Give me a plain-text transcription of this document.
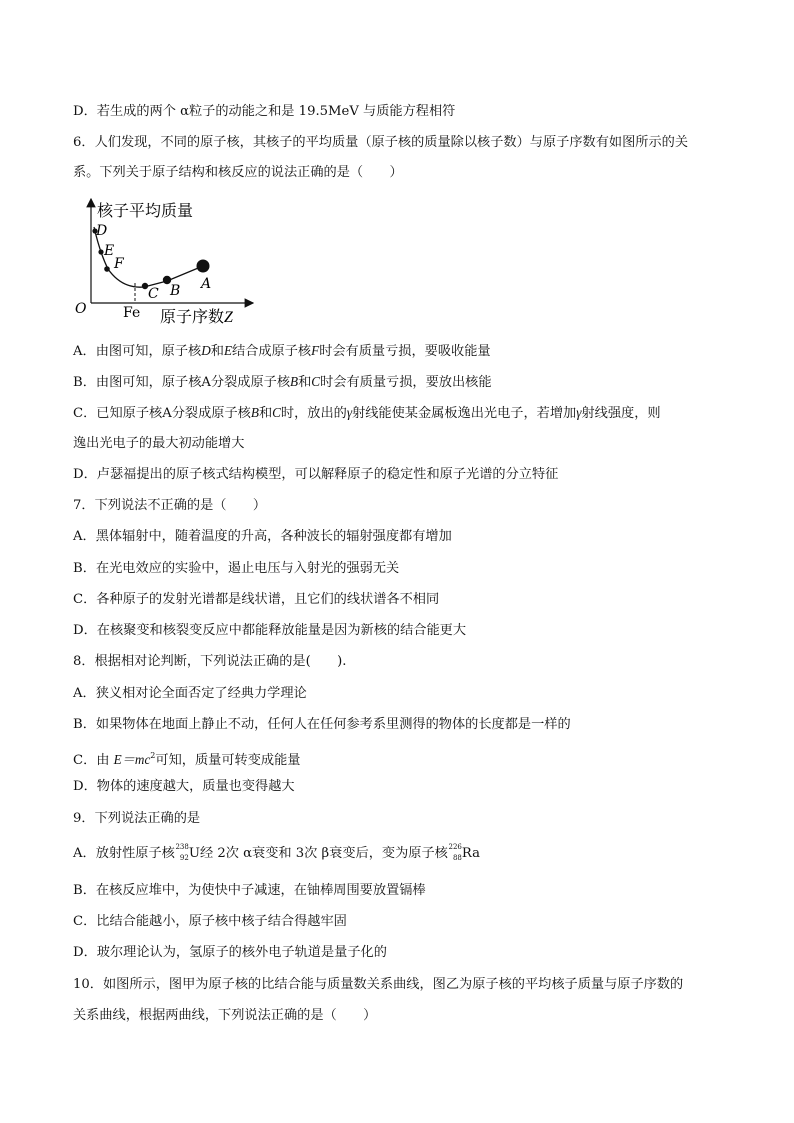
D．若生成的两个 α粒子的动能之和是 19.5MeV 与质能方程相符
6．人们发现，不同的原子核，其核子的平均质量（原子核的质量除以核子数）与原子序数有如图所示的关
系。下列关于原子结构和核反应的说法正确的是（　　）
核子平均质量
O	原子序数Z
Fe
D
E
F
C B A
A．由图可知，原子核D和E结合成原子核F时会有质量亏损，要吸收能量
B．由图可知，原子核A分裂成原子核B和C时会有质量亏损，要放出核能
C．已知原子核A分裂成原子核B和C时，放出的γ射线能使某金属板逸出光电子，若增加γ射线强度，则
逸出光电子的最大初动能增大
D．卢瑟福提出的原子核式结构模型，可以解释原子的稳定性和原子光谱的分立特征
7．下列说法不正确的是（　　）
A．黑体辐射中，随着温度的升高，各种波长的辐射强度都有增加
B．在光电效应的实验中，遏止电压与入射光的强弱无关
C．各种原子的发射光谱都是线状谱，且它们的线状谱各不相同
D．在核聚变和核裂变反应中都能释放能量是因为新核的结合能更大
8．根据相对论判断，下列说法正确的是(　　).
A．狭义相对论全面否定了经典力学理论
B．如果物体在地面上静止不动，任何人在任何参考系里测得的物体的长度都是一样的
C．由 $E=mc^2$可知，质量可转变成能量
D．物体的速度越大，质量也变得越大
9．下列说法正确的是
A．放射性原子核 238
92 U经 2次 α衰变和 3次 β衰变后，变为原子核 226
88 Ra
B．在核反应堆中，为使快中子减速，在铀棒周围要放置镉棒
C．比结合能越小，原子核中核子结合得越牢固
D．玻尔理论认为，氢原子的核外电子轨道是量子化的
10．如图所示，图甲为原子核的比结合能与质量数关系曲线，图乙为原子核的平均核子质量与原子序数的
关系曲线，根据两曲线，下列说法正确的是（　　）
